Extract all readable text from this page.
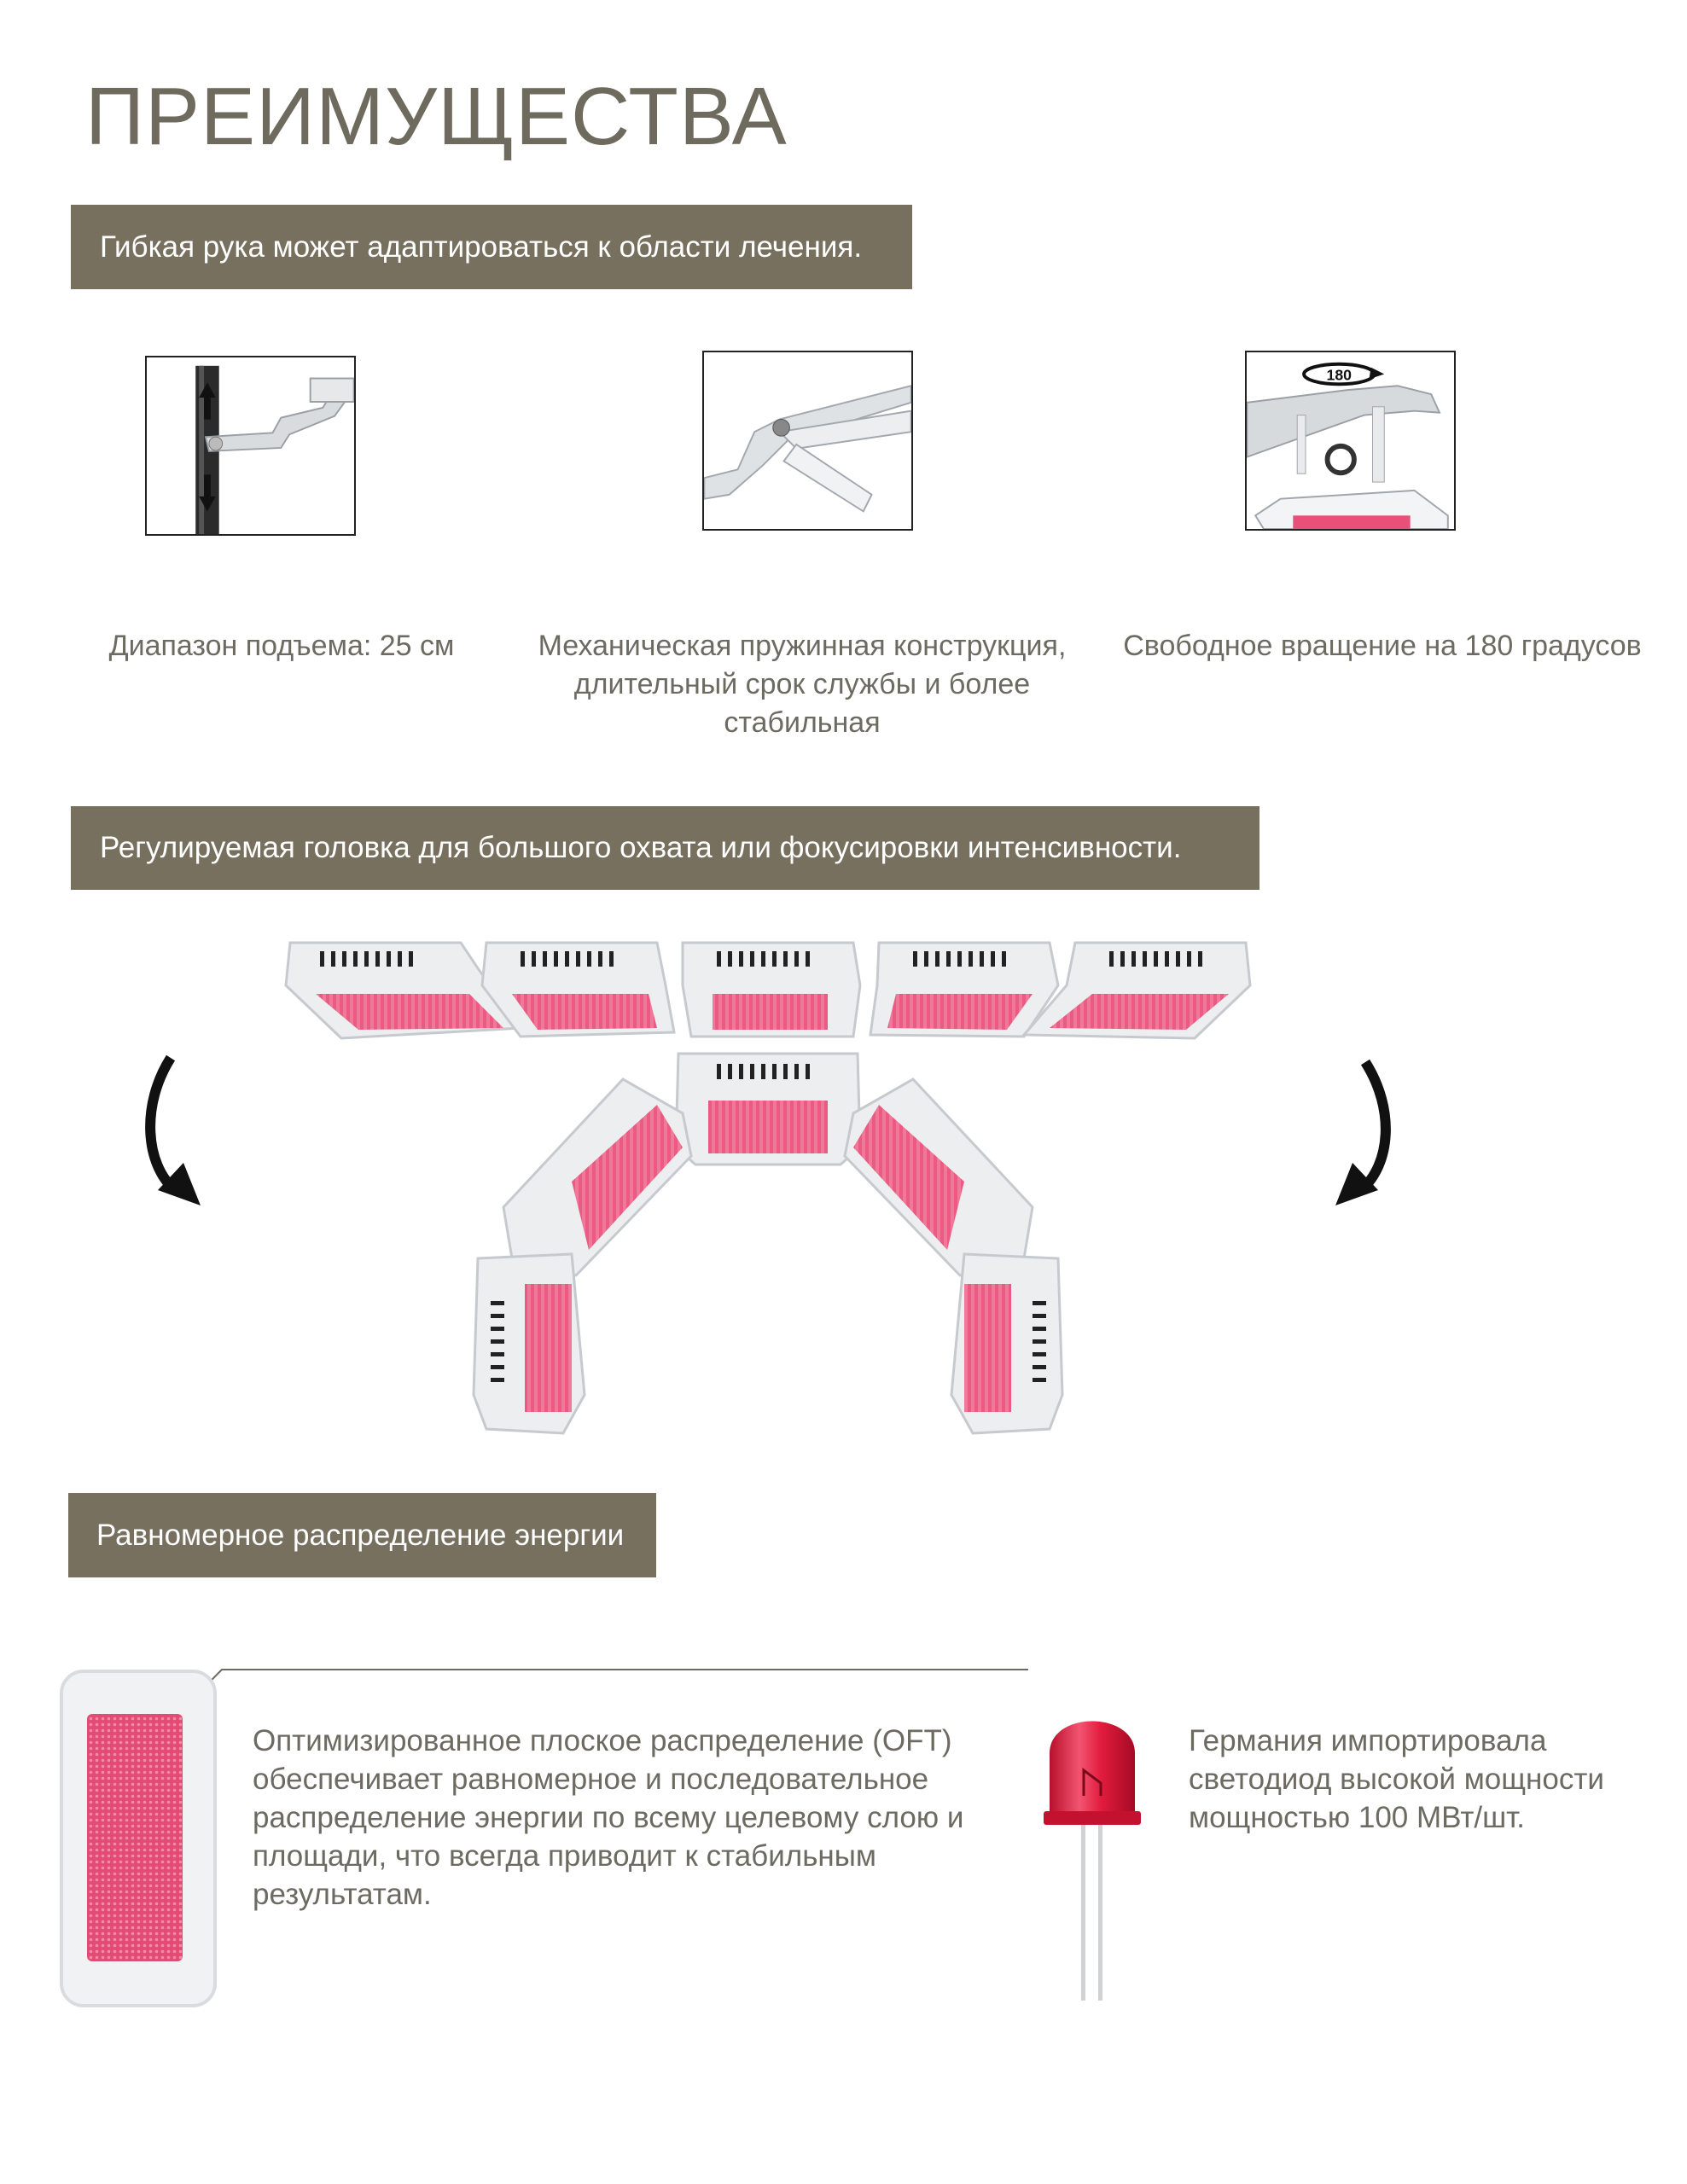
ПРЕИМУЩЕСТВА
Гибкая рука может адаптироваться к области лечения.
180
Диапазон подъема: 25 см	Механическая пружинная конструкция, длительный срок службы и более стабильная
Свободное вращение на 180 градусов
Регулируемая головка для большого охвата или фокусировки интенсивности.
Равномерное распределение энергии
Оптимизированное плоское распределение (OFT) обеспечивает равномерное и последовательное распределение энергии по всему целевому слою и площади, что всегда приводит к стабильным результатам.
Германия импортировала светодиод высокой мощности мощностью 100 МВт/шт.
